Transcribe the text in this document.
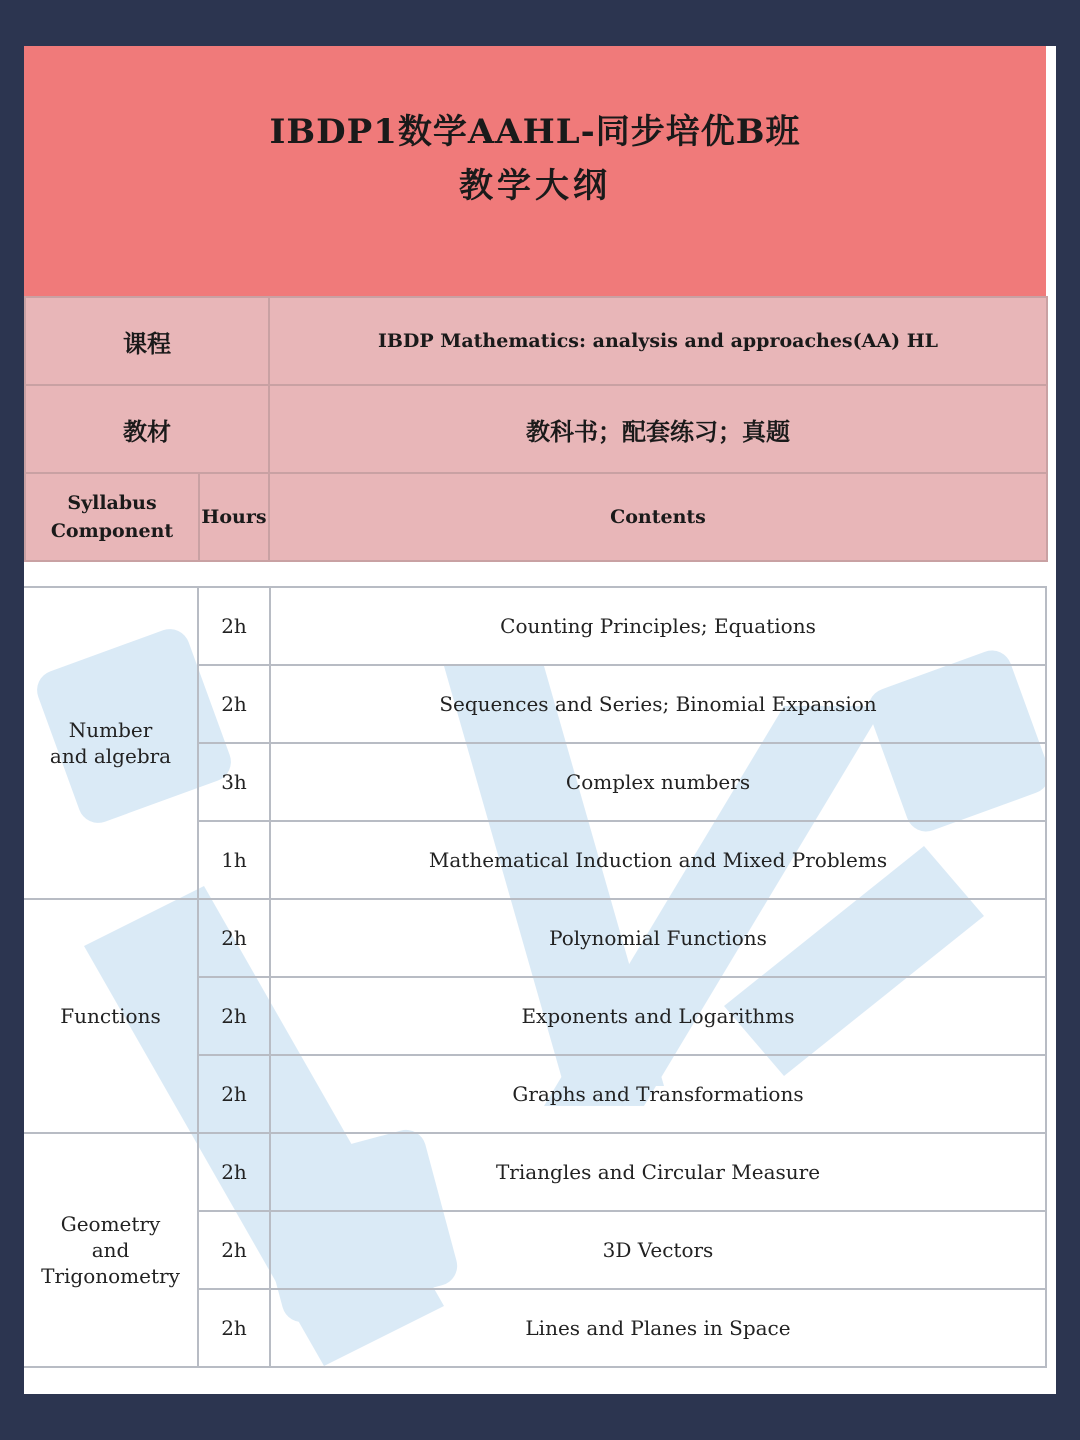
IBDP1数学AAHL-同步培优B班
教学大纲
课程		IBDP Mathematics: analysis and approaches(AA) HL
教材		教科书；配套练习；真题

Syllabus
Component	Hours	Contents
Number
and algebra	2h	Counting Principles; Equations
	2h	Sequences and Series; Binomial Expansion
	3h	Complex numbers
	1h	Mathematical Induction and Mixed Problems

Functions	2h	Polynomial Functions
	2h	Exponents and Logarithms
	2h	Graphs and Transformations

Geometry
and Trigonometry	2h	Triangles and Circular Measure
	2h	3D Vectors
	2h	Lines and Planes in Space
